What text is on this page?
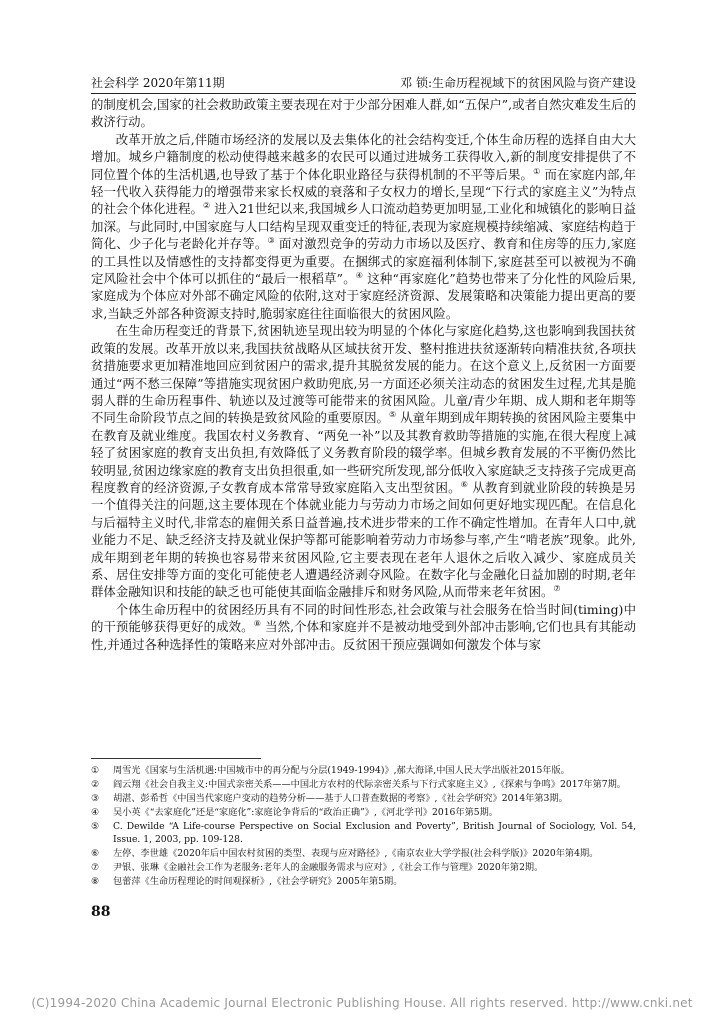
社会科学 2020年第11期	邓 锁:生命历程视域下的贫困风险与资产建设

的制度机会,国家的社会救助政策主要表现在对于少部分困难人群,如“五保户”,或者自然灾难发生后的救济行动。

改革开放之后,伴随市场经济的发展以及去集体化的社会结构变迁,个体生命历程的选择自由大大增加。城乡户籍制度的松动使得越来越多的农民可以通过进城务工获得收入,新的制度安排提供了不同位置个体的生活机遇,也导致了基于个体化职业路径与获得机制的不平等后果。① 而在家庭内部,年轻一代收入获得能力的增强带来家长权威的衰落和子女权力的增长,呈现“下行式的家庭主义”为特点的社会个体化进程。② 进入21世纪以来,我国城乡人口流动趋势更加明显,工业化和城镇化的影响日益加深。与此同时,中国家庭与人口结构呈现双重变迁的特征,表现为家庭规模持续缩减、家庭结构趋于简化、少子化与老龄化并存等。③ 面对激烈竞争的劳动力市场以及医疗、教育和住房等的压力,家庭的工具性以及情感性的支持都变得更为重要。在捆绑式的家庭福利体制下,家庭甚至可以被视为不确定风险社会中个体可以抓住的“最后一根稻草”。④ 这种“再家庭化”趋势也带来了分化性的风险后果,家庭成为个体应对外部不确定风险的依附,这对于家庭经济资源、发展策略和决策能力提出更高的要求,当缺乏外部各种资源支持时,脆弱家庭往往面临很大的贫困风险。

在生命历程变迁的背景下,贫困轨迹呈现出较为明显的个体化与家庭化趋势,这也影响到我国扶贫政策的发展。改革开放以来,我国扶贫战略从区域扶贫开发、整村推进扶贫逐渐转向精准扶贫,各项扶贫措施要求更加精准地回应到贫困户的需求,提升其脱贫发展的能力。在这个意义上,反贫困一方面要通过“两不愁三保障”等措施实现贫困户救助兜底,另一方面还必须关注动态的贫困发生过程,尤其是脆弱人群的生命历程事件、轨迹以及过渡等可能带来的贫困风险。儿童/青少年期、成人期和老年期等不同生命阶段节点之间的转换是致贫风险的重要原因。⑤ 从童年期到成年期转换的贫困风险主要集中在教育及就业维度。我国农村义务教育、“两免一补”以及其教育救助等措施的实施,在很大程度上减轻了贫困家庭的教育支出负担,有效降低了义务教育阶段的辍学率。但城乡教育发展的不平衡仍然比较明显,贫困边缘家庭的教育支出负担很重,如一些研究所发现,部分低收入家庭缺乏支持孩子完成更高程度教育的经济资源,子女教育成本常常导致家庭陷入支出型贫困。⑥ 从教育到就业阶段的转换是另一个值得关注的问题,这主要体现在个体就业能力与劳动力市场之间如何更好地实现匹配。在信息化与后福特主义时代,非常态的雇佣关系日益普遍,技术进步带来的工作不确定性增加。在青年人口中,就业能力不足、缺乏经济支持及就业保护等都可能影响着劳动力市场参与率,产生“啃老族”现象。此外,成年期到老年期的转换也容易带来贫困风险,它主要表现在老年人退休之后收入减少、家庭成员关系、居住安排等方面的变化可能使老人遭遇经济剥夺风险。在数字化与金融化日益加剧的时期,老年群体金融知识和技能的缺乏也可能使其面临金融排斥和财务风险,从而带来老年贫困。⑦

个体生命历程中的贫困经历具有不同的时间性形态,社会政策与社会服务在恰当时间(timing)中的干预能够获得更好的成效。⑧ 当然,个体和家庭并不是被动地受到外部冲击影响,它们也具有其能动性,并通过各种选择性的策略来应对外部冲击。反贫困干预应强调如何激发个体与家

①	周雪光《国家与生活机遇:中国城市中的再分配与分层(1949-1994)》,郝大海译,中国人民大学出版社2015年版。
②	阎云翔《社会自我主义:中国式亲密关系——中国北方农村的代际亲密关系与下行式家庭主义》,《探索与争鸣》2017年第7期。
③	胡湛、彭希哲《中国当代家庭户变动的趋势分析——基于人口普查数据的考察》,《社会学研究》2014年第3期。
④	吴小英《“去家庭化”还是“家庭化”:家庭论争背后的“政治正确”》,《河北学刊》2016年第5期。
⑤	C. Dewilde “A Life-course Perspective on Social Exclusion and Poverty”, British Journal of Sociology, Vol. 54, Issue. 1, 2003, pp. 109-128.
⑥	左停、李世雄《2020年后中国农村贫困的类型、表现与应对路径》,《南京农业大学学报(社会科学版)》2020年第4期。
⑦	尹银、张琳《金融社会工作为老服务:老年人的金融服务需求与应对》,《社会工作与管理》2020年第2期。
⑧	包蕾萍《生命历程理论的时间观探析》,《社会学研究》2005年第5期。
88
(C)1994-2020 China Academic Journal Electronic Publishing House. All rights reserved. http://www.cnki.net
